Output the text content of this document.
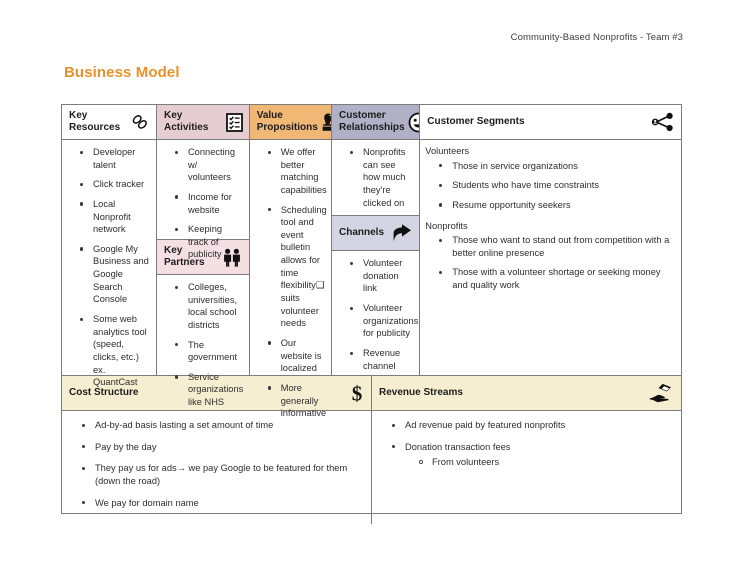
Community-Based Nonprofits - Team #3
Business Model
Key Resources
Developer talent
Click tracker
Local Nonprofit network
Google My Business and Google Search Console
Some web analytics tool (speed, clicks, etc.) ex. QuantCast
Key Activities
Connecting w/ volunteers
Income for website
Keeping track of publicity
Key Partners
Colleges, universities, local school districts
The government
Service organizations like NHS
Value Propositions
We offer better matching capabilities
Scheduling tool and event bulletin allows for time flexibility❑ suits volunteer needs
Our website is localized
More generally informative
Customer Relationships
Nonprofits can see how much they're clicked on
Channels
Volunteer donation link
Volunteer organizations for publicity
Revenue channel
Customer Segments
Volunteers
Those in service organizations
Students who have time constraints
Resume opportunity seekers
Nonprofits
Those who want to stand out from competition with a better online presence
Those with a volunteer shortage or seeking money and quality work
Cost Structure	$
Ad-by-ad basis lasting a set amount of time
Pay by the day
They pay us for ads→ we pay Google to be featured for them (down the road)
We pay for domain name
Revenue Streams
Ad revenue paid by featured nonprofits
Donation transaction fees
From volunteers
